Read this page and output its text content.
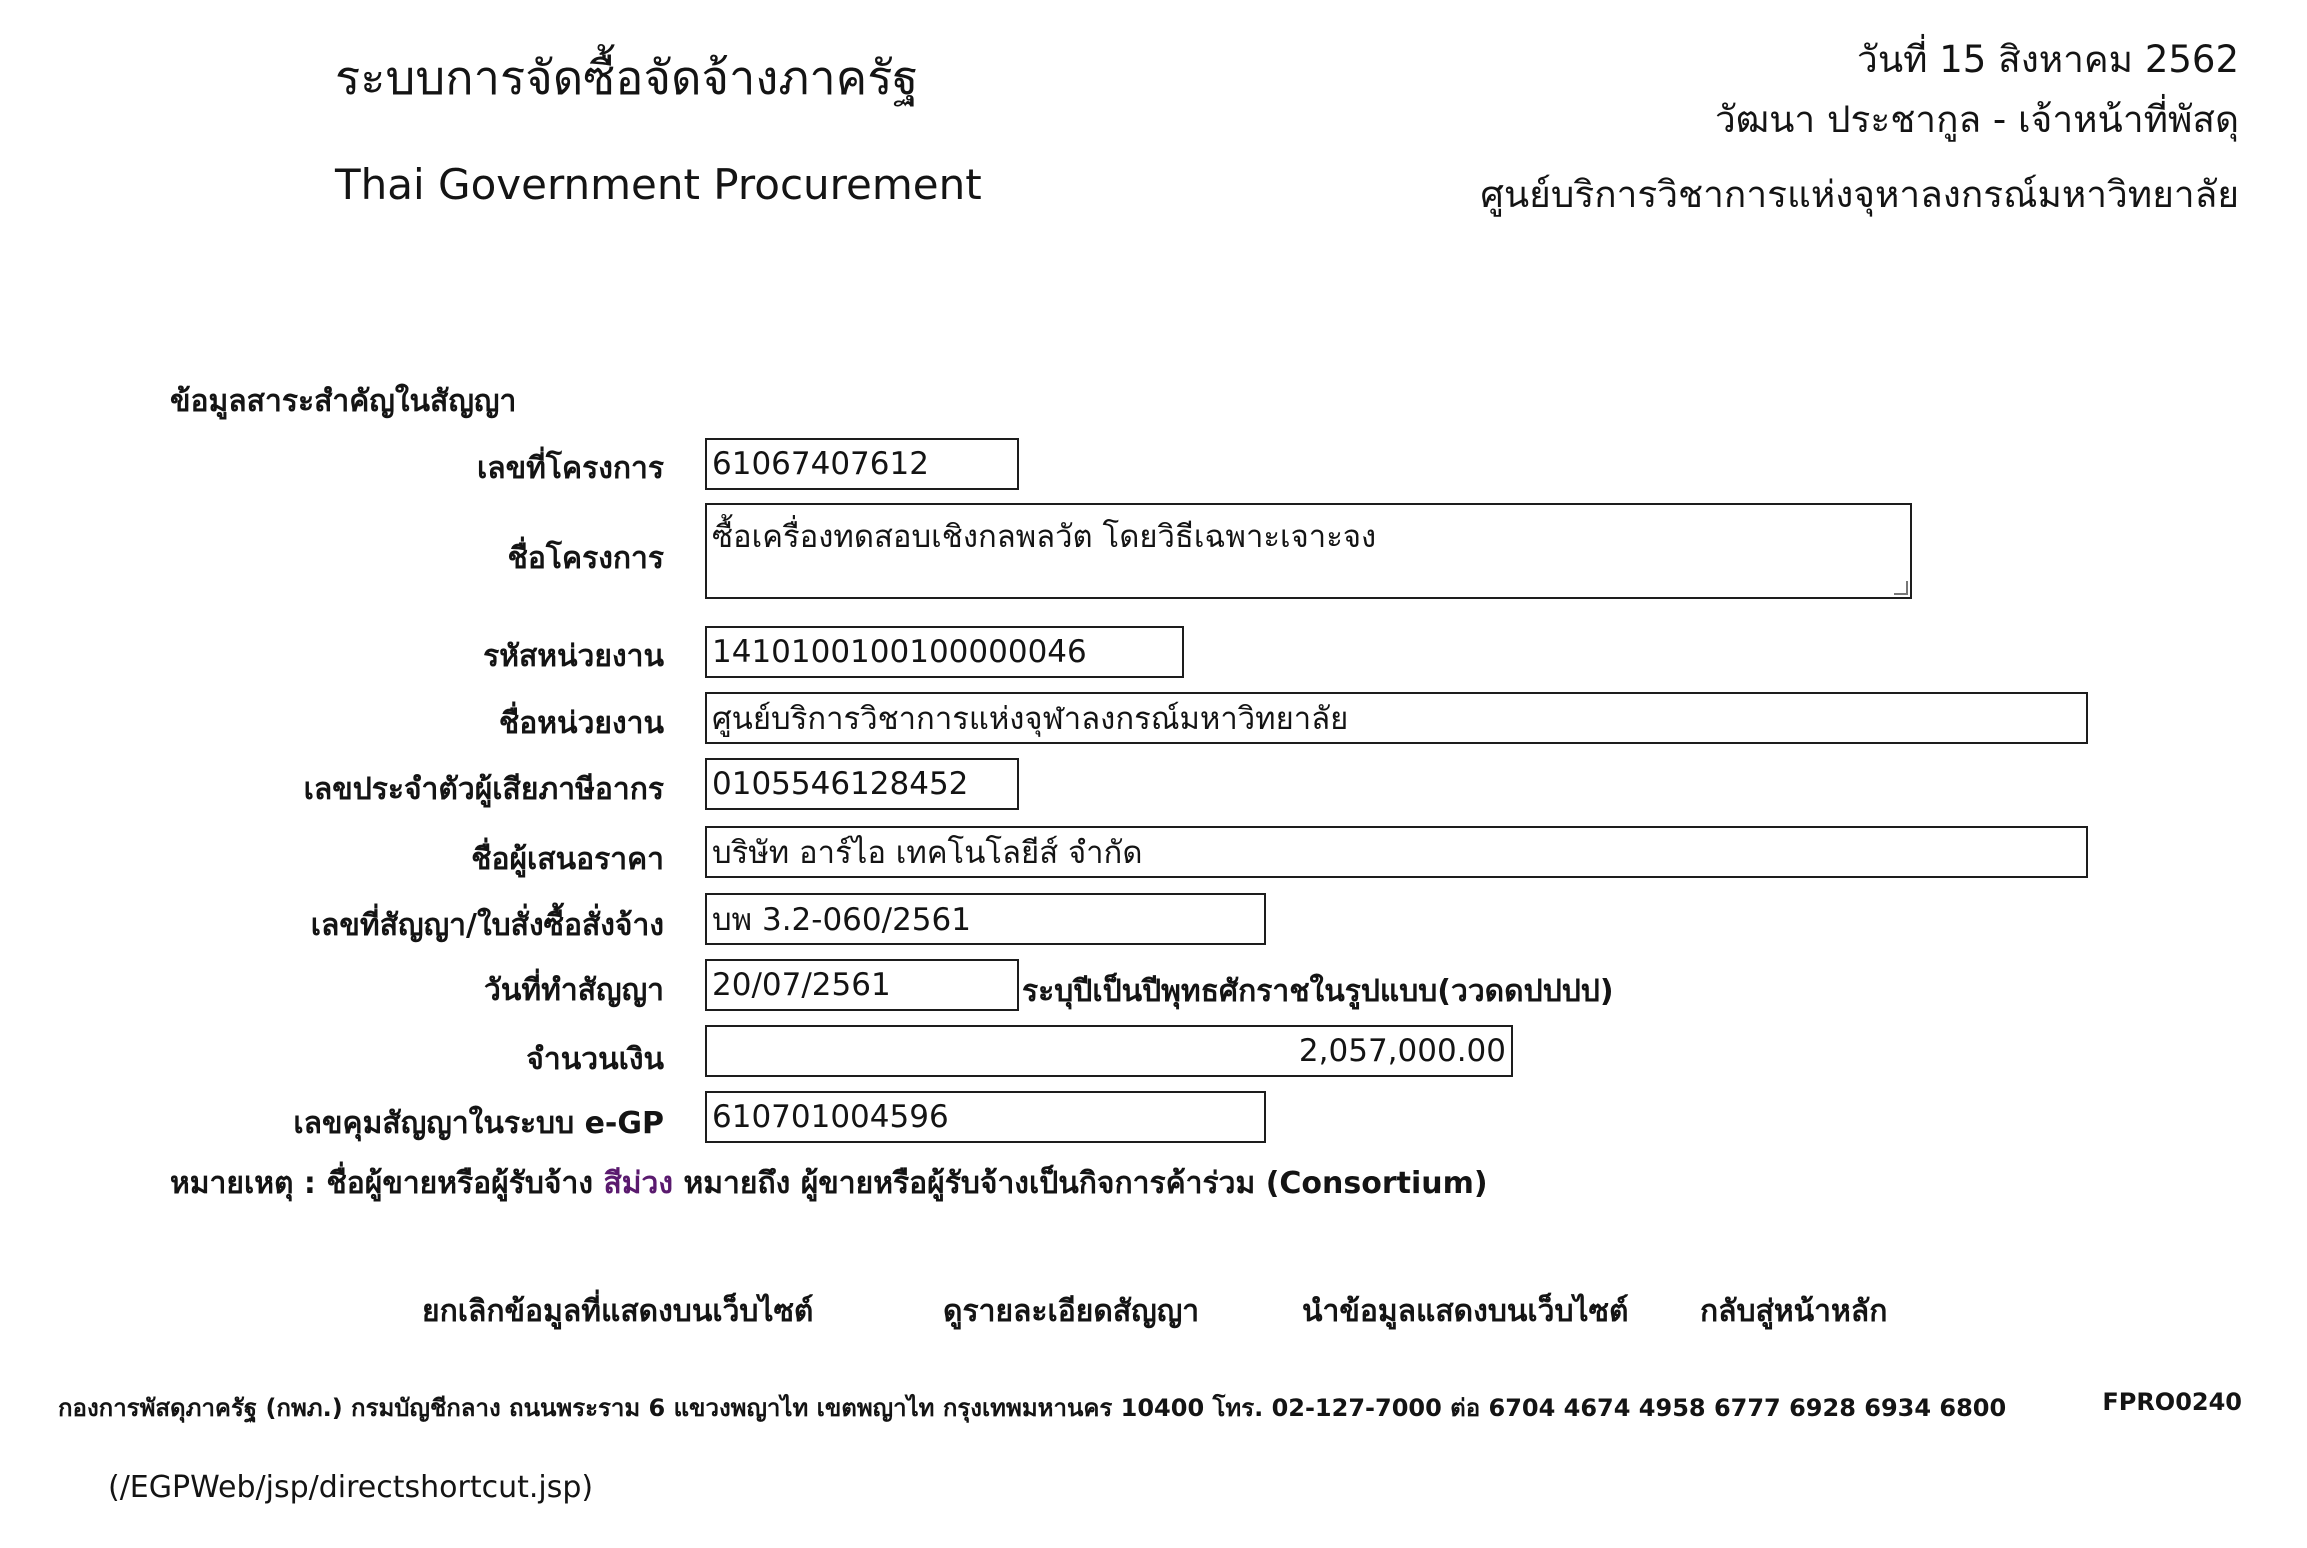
ระบบการจัดซื้อจัดจ้างภาครัฐ
Thai Government Procurement
วันที่ 15 สิงหาคม 2562
วัฒนา ประชากูล - เจ้าหน้าที่พัสดุ
ศูนย์บริการวิชาการแห่งจุหาลงกรณ์มหาวิทยาลัย
ข้อมูลสาระสำคัญในสัญญา
เลขที่โครงการ 61067407612
ชื่อโครงการ
ซื้อเครื่องทดสอบเชิงกลพลวัต โดยวิธีเฉพาะเจาะจง
รหัสหน่วยงาน 1410100100100000046
ชื่อหน่วยงาน ศูนย์บริการวิชาการแห่งจุฬาลงกรณ์มหาวิทยาลัย
เลขประจำตัวผู้เสียภาษีอากร 0105546128452
ชื่อผู้เสนอราคา บริษัท อาร์ไอ เทคโนโลยีส์ จำกัด
เลขที่สัญญา/ใบสั่งซื้อสั่งจ้าง บพ 3.2-060/2561
วันที่ทำสัญญา 20/07/2561	ระบุปีเป็นปีพุทธศักราชในรูปแบบ(ววดดปปปป)
จำนวนเงิน	2,057,000.00
เลขคุมสัญญาในระบบ e-GP 610701004596
หมายเหตุ : ชื่อผู้ขายหรือผู้รับจ้าง สีม่วง หมายถึง ผู้ขายหรือผู้รับจ้างเป็นกิจการค้าร่วม (Consortium)
ยกเลิกข้อมูลที่แสดงบนเว็บไซต์	ดูรายละเอียดสัญญา	นำข้อมูลแสดงบนเว็บไซต์ กลับสู่หน้าหลัก
กองการพัสดุภาครัฐ (กพภ.) กรมบัญชีกลาง ถนนพระราม 6 แขวงพญาไท เขตพญาไท กรุงเทพมหานคร 10400 โทร. 02-127-7000 ต่อ 6704 4674 4958 6777 6928 6934 6800	FPRO0240
(/EGPWeb/jsp/directshortcut.jsp)
